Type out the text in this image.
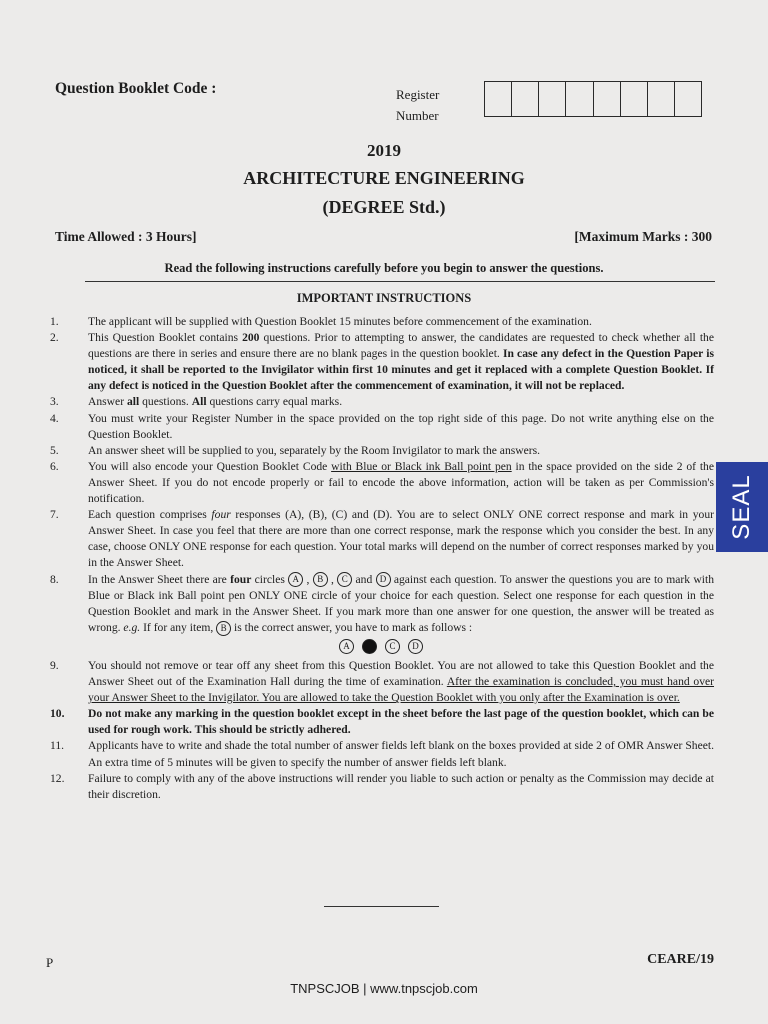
Question Booklet Code :	Register
Number
2019
ARCHITECTURE ENGINEERING
(DEGREE Std.)
Time Allowed : 3 Hours]	[Maximum Marks : 300
Read the following instructions carefully before you begin to answer the questions.
IMPORTANT INSTRUCTIONS
1.	The applicant will be supplied with Question Booklet 15 minutes before commencement of the examination.
2.	This Question Booklet contains 200 questions. Prior to attempting to answer, the candidates are requested to check whether all the questions are there in series and ensure there are no blank pages in the question booklet. In case any defect in the Question Paper is noticed, it shall be reported to the Invigilator within first 10 minutes and get it replaced with a complete Question Booklet. If any defect is noticed in the Question Booklet after the commencement of examination, it will not be replaced.
3.	Answer all questions. All questions carry equal marks.
4.	You must write your Register Number in the space provided on the top right side of this page. Do not write anything else on the Question Booklet.
5.	An answer sheet will be supplied to you, separately by the Room Invigilator to mark the answers.
6.	You will also encode your Question Booklet Code with Blue or Black ink Ball point pen in the space provided on the side 2 of the Answer Sheet. If you do not encode properly or fail to encode the above information, action will be taken as per Commission's notification.
7.	Each question comprises four responses (A), (B), (C) and (D). You are to select ONLY ONE correct response and mark in your Answer Sheet. In case you feel that there are more than one correct response, mark the response which you consider the best. In any case, choose ONLY ONE response for each question. Your total marks will depend on the number of correct responses marked by you in the Answer Sheet.
8.	In the Answer Sheet there are four circles A , B , C and D against each question. To answer the questions you are to mark with Blue or Black ink Ball point pen ONLY ONE circle of your choice for each question. Select one response for each question in the Question Booklet and mark in the Answer Sheet. If you mark more than one answer for one question, the answer will be treated as wrong. e.g. If for any item, B is the correct answer, you have to mark as follows :
A	C D
9.	You should not remove or tear off any sheet from this Question Booklet. You are not allowed to take this Question Booklet and the Answer Sheet out of the Examination Hall during the time of examination. After the examination is concluded, you must hand over your Answer Sheet to the Invigilator. You are allowed to take the Question Booklet with you only after the Examination is over.
10.	Do not make any marking in the question booklet except in the sheet before the last page of the question booklet, which can be used for rough work. This should be strictly adhered.
11.	Applicants have to write and shade the total number of answer fields left blank on the boxes provided at side 2 of OMR Answer Sheet. An extra time of 5 minutes will be given to specify the number of answer fields left blank.
12.	Failure to comply with any of the above instructions will render you liable to such action or penalty as the Commission may decide at their discretion.
SEAL
P	CEARE/19
TNPSCJOB | www.tnpscjob.com
